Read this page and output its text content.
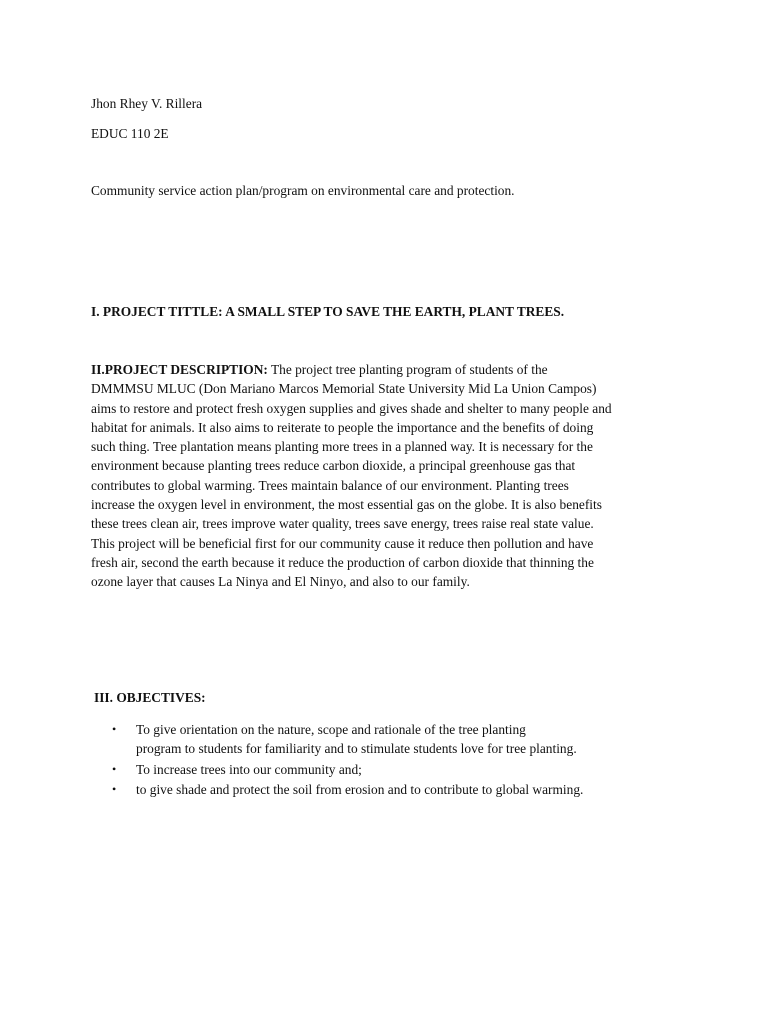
Jhon Rhey V. Rillera
EDUC 110 2E
Community service action plan/program on environmental care and protection.
I. PROJECT TITTLE: A SMALL STEP TO SAVE THE EARTH, PLANT TREES.
II.PROJECT DESCRIPTION: The project tree planting program of students of the
DMMMSU MLUC (Don Mariano Marcos Memorial State University Mid La Union Campos)
aims to restore and protect fresh oxygen supplies and gives shade and shelter to many people and
habitat for animals. It also aims to reiterate to people the importance and the benefits of doing
such thing. Tree plantation means planting more trees in a planned way. It is necessary for the
environment because planting trees reduce carbon dioxide, a principal greenhouse gas that
contributes to global warming. Trees maintain balance of our environment. Planting trees
increase the oxygen level in environment, the most essential gas on the globe. It is also benefits
these trees clean air, trees improve water quality, trees save energy, trees raise real state value.
This project will be beneficial first for our community cause it reduce then pollution and have
fresh air, second the earth because it reduce the production of carbon dioxide that thinning the
ozone layer that causes La Ninya and El Ninyo, and also to our family.
III. OBJECTIVES:
• To give orientation on the nature, scope and rationale of the tree planting
program to students for familiarity and to stimulate students love for tree planting.
• To increase trees into our community and;
• to give shade and protect the soil from erosion and to contribute to global warming.
